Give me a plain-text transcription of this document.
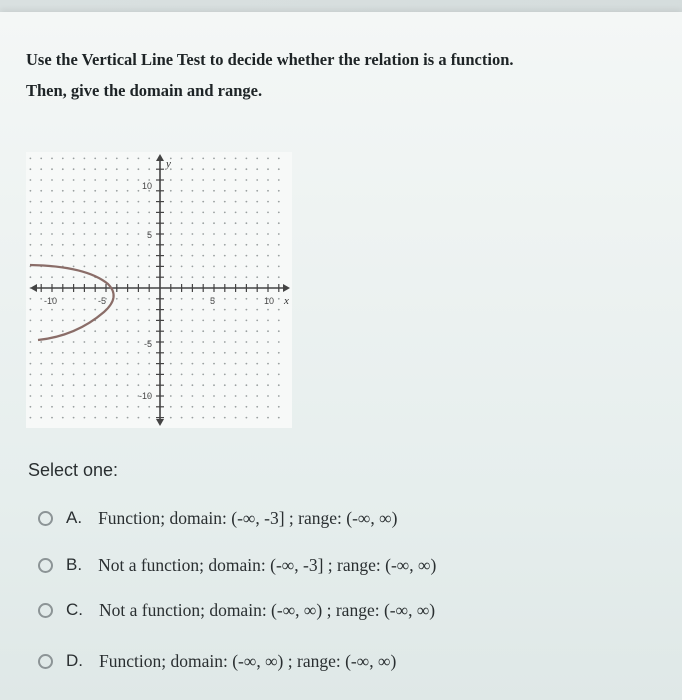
Use the Vertical Line Test to decide whether the relation is a function.
Then, give the domain and range.

y
x
10
5
-5
-10
-10	-5	5	10

Select one:

A. Function; domain: (-∞, -3] ; range: (-∞, ∞)
B. Not a function; domain: (-∞, -3] ; range: (-∞, ∞)
C. Not a function; domain: (-∞, ∞) ; range: (-∞, ∞)
D. Function; domain: (-∞, ∞) ; range: (-∞, ∞)
